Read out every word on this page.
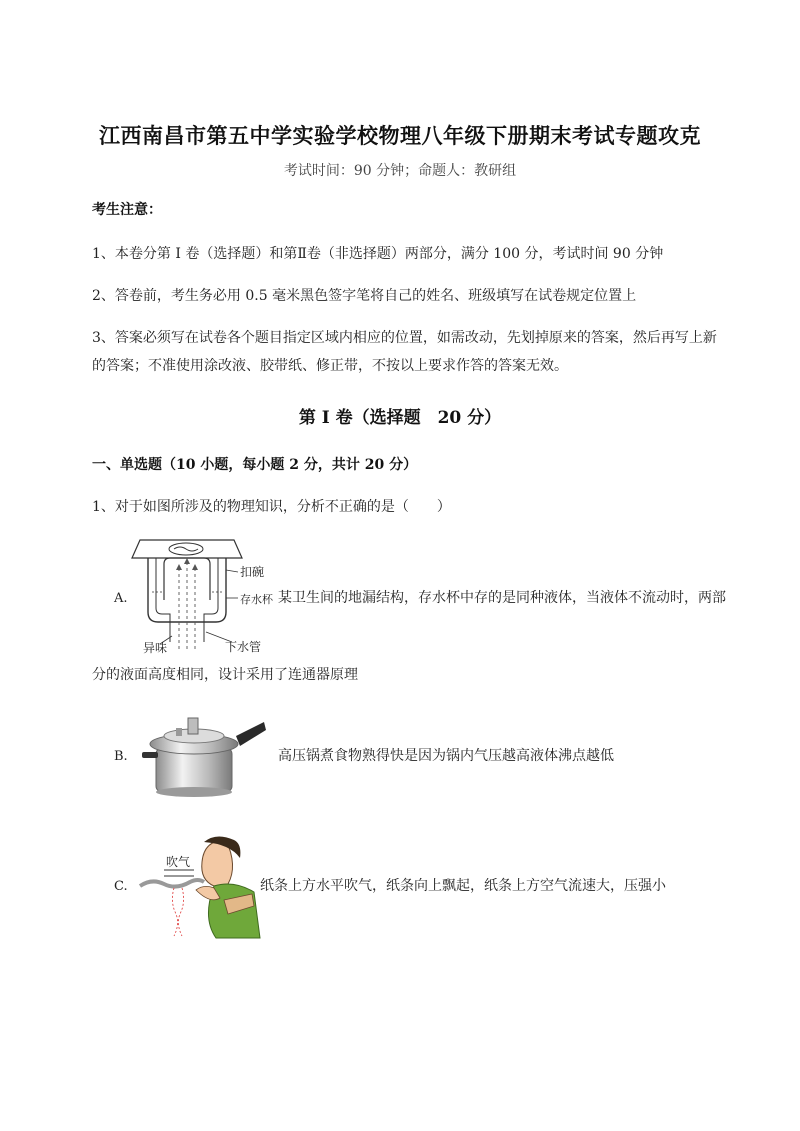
江西南昌市第五中学实验学校物理八年级下册期末考试专题攻克
考试时间：90 分钟；命题人：教研组
考生注意：
1、本卷分第 I 卷（选择题）和第Ⅱ卷（非选择题）两部分，满分 100 分，考试时间 90 分钟
2、答卷前，考生务必用 0.5 毫米黑色签字笔将自己的姓名、班级填写在试卷规定位置上
3、答案必须写在试卷各个题目指定区域内相应的位置，如需改动，先划掉原来的答案，然后再写上新
的答案；不准使用涂改液、胶带纸、修正带，不按以上要求作答的答案无效。
第 I 卷（选择题　20 分）
一、单选题（10 小题，每小题 2 分，共计 20 分）
1、对于如图所涉及的物理知识，分析不正确的是（　　）
A.
扣碗
存水杯
异味	下水管
某卫生间的地漏结构，存水杯中存的是同种液体，当液体不流动时，两部
分的液面高度相同，设计采用了连通器原理
B.	高压锅煮食物熟得快是因为锅内气压越高液体沸点越低
C.
吹气
纸条上方水平吹气，纸条向上飘起，纸条上方空气流速大，压强小
